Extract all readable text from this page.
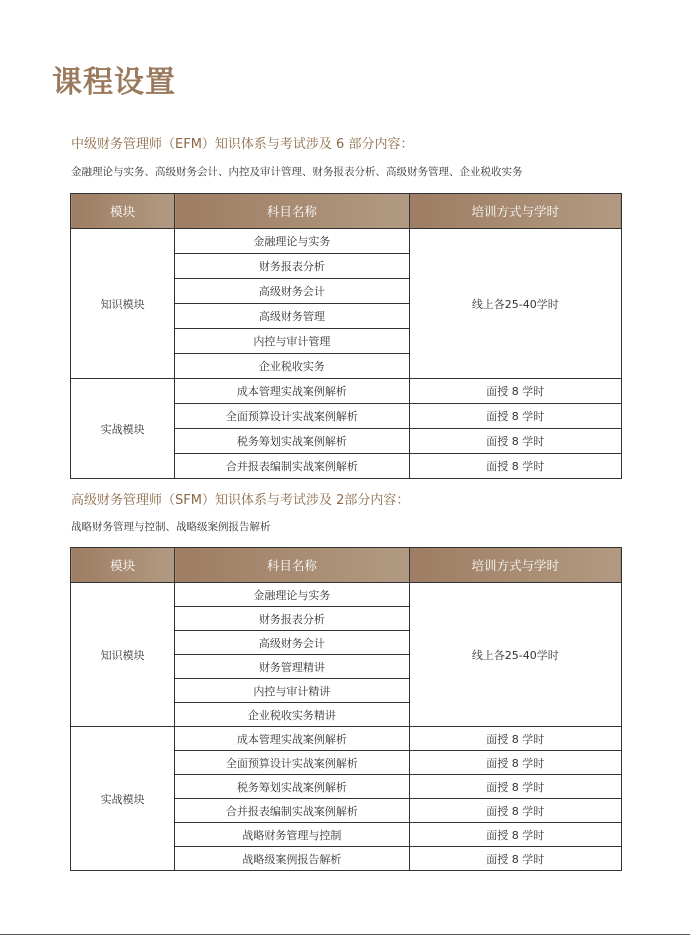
课程设置

中级财务管理师（EFM）知识体系与考试涉及 6 部分内容：

金融理论与实务、高级财务会计、内控及审计管理、财务报表分析、高级财务管理、企业税收实务

模块	科目名称	培训方式与学时
知识模块	金融理论与实务	线上各25-40学时
	财务报表分析	
	高级财务会计	
	高级财务管理	
	内控与审计管理	
	企业税收实务	
实战模块	成本管理实战案例解析	面授 8 学时
	全面预算设计实战案例解析	面授 8 学时
	税务筹划实战案例解析	面授 8 学时
	合并报表编制实战案例解析	面授 8 学时

高级财务管理师（SFM）知识体系与考试涉及 2部分内容：

战略财务管理与控制、战略级案例报告解析

模块	科目名称	培训方式与学时
知识模块	金融理论与实务	线上各25-40学时
	财务报表分析	
	高级财务会计	
	财务管理精讲	
	内控与审计精讲	
	企业税收实务精讲	
实战模块	成本管理实战案例解析	面授 8 学时
	全面预算设计实战案例解析	面授 8 学时
	税务筹划实战案例解析	面授 8 学时
	合并报表编制实战案例解析	面授 8 学时
	战略财务管理与控制	面授 8 学时
	战略级案例报告解析	面授 8 学时
